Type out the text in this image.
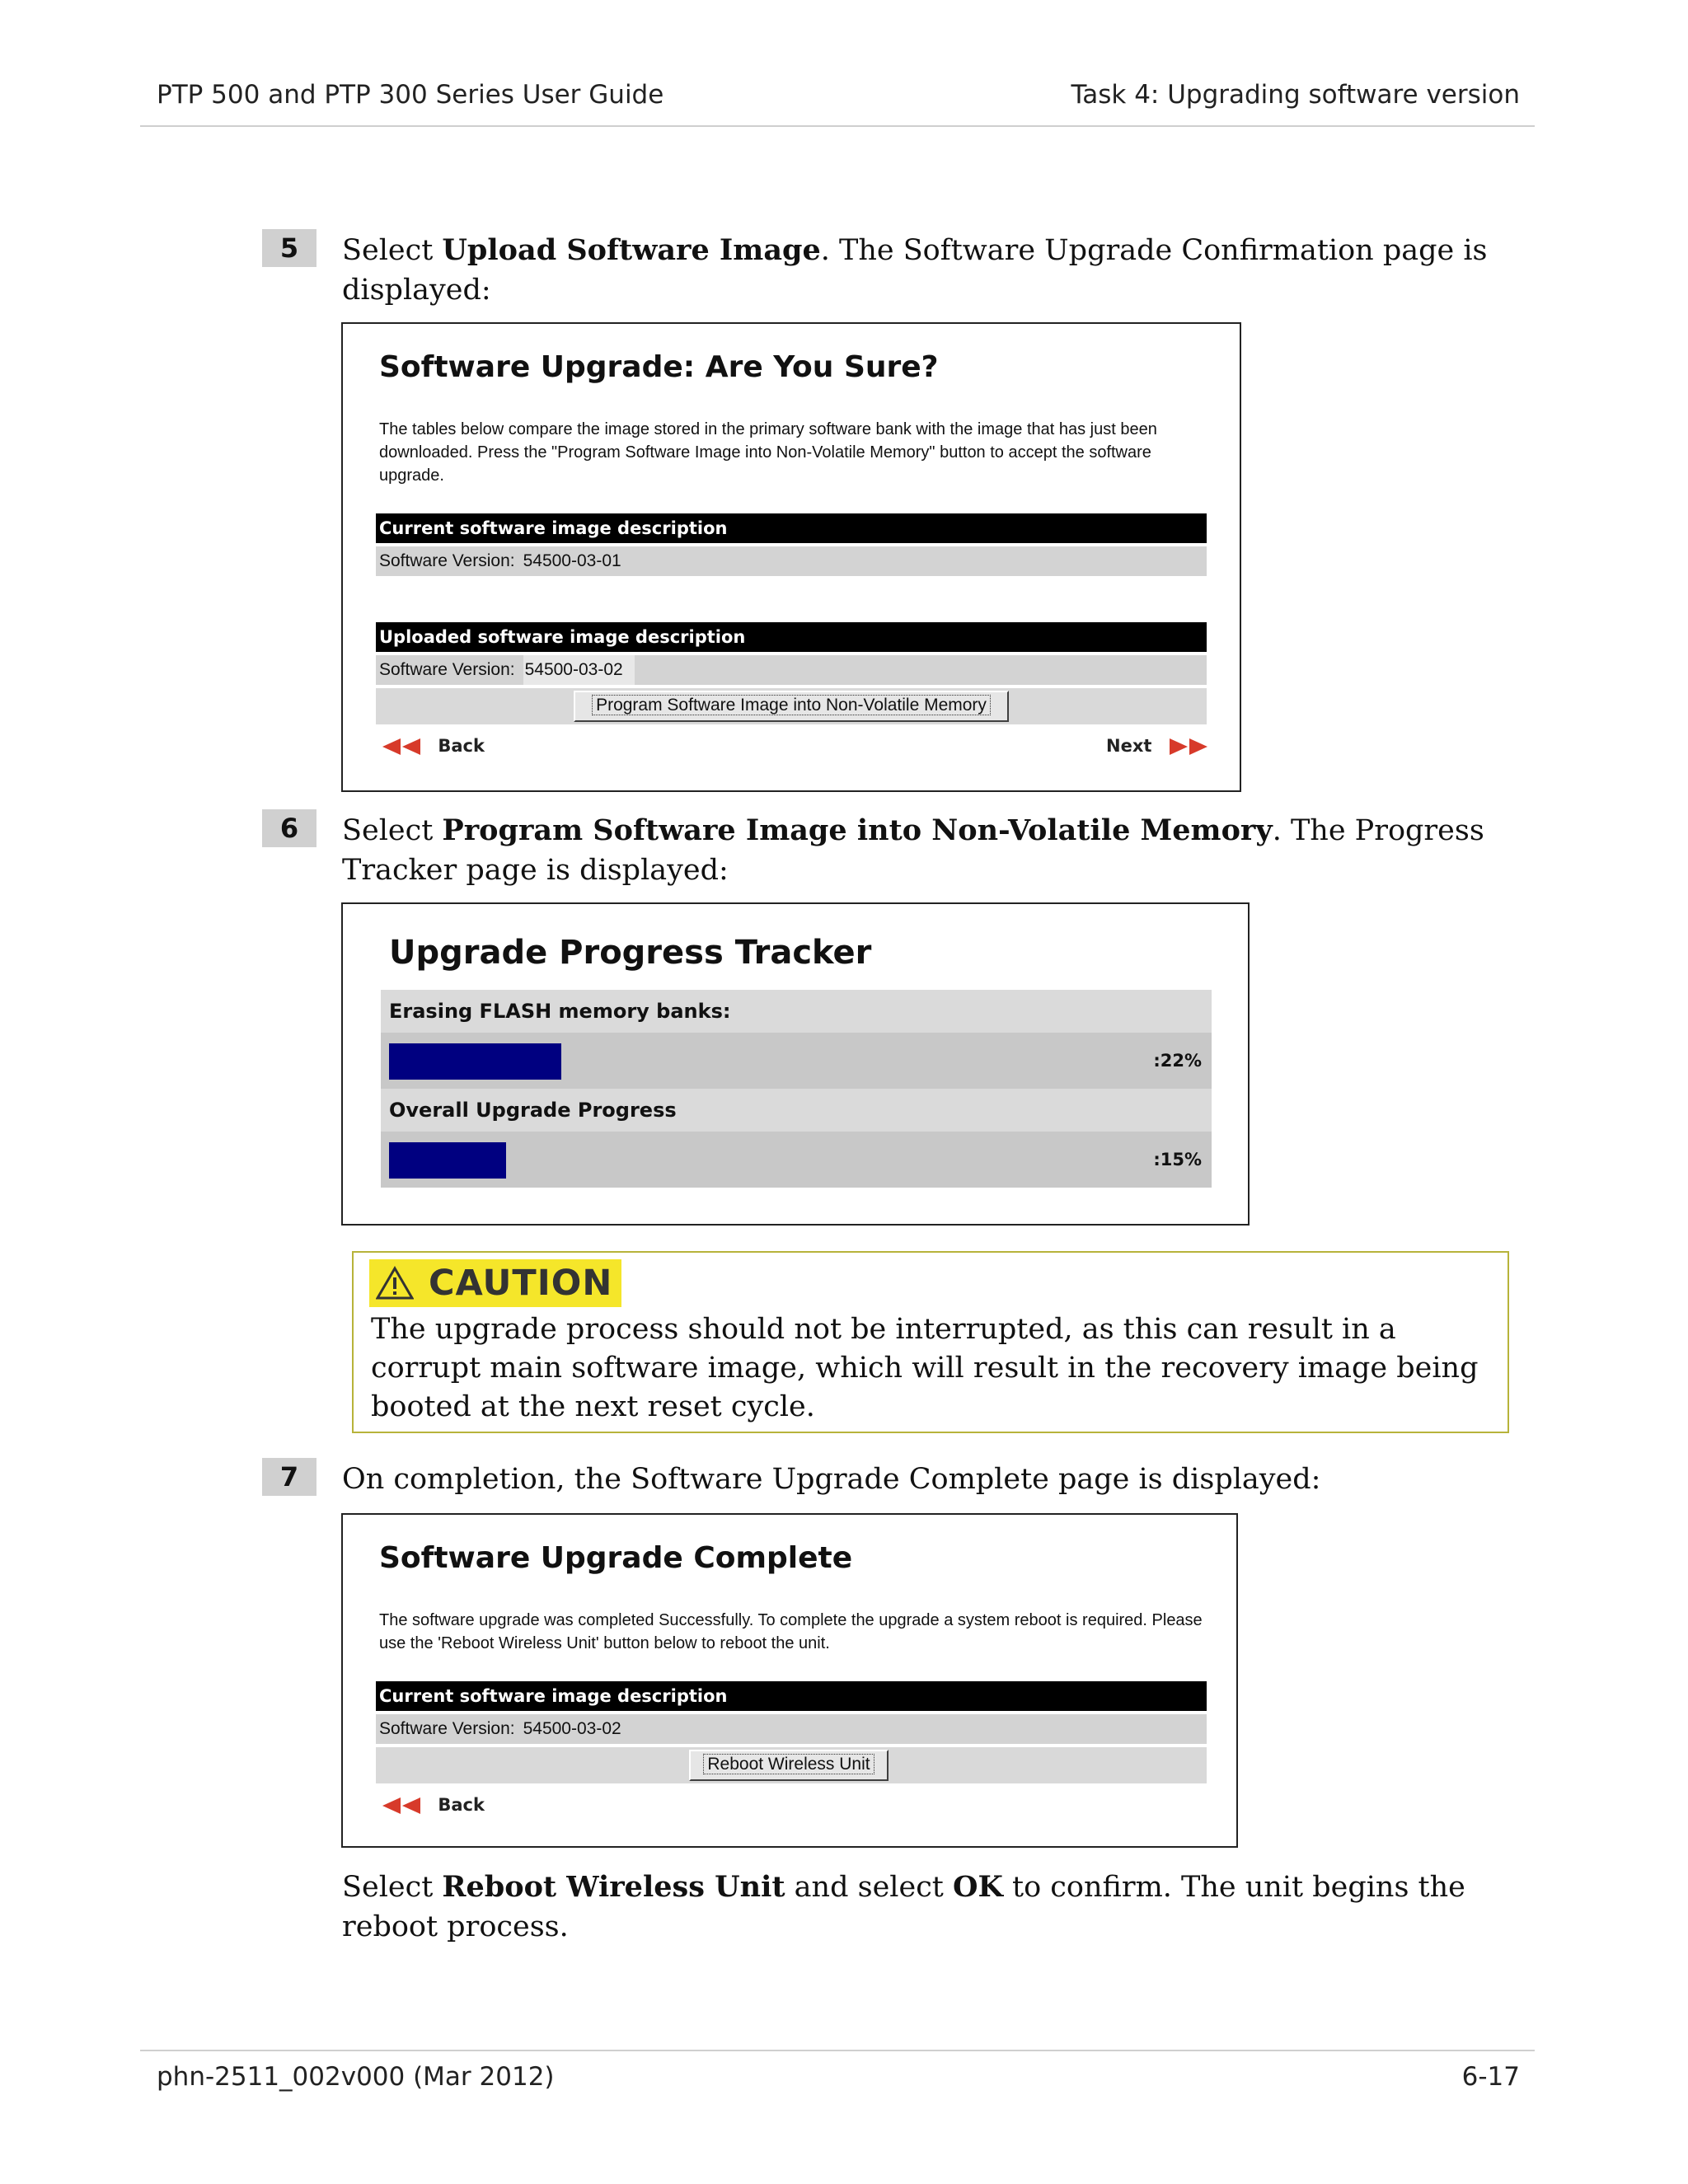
PTP 500 and PTP 300 Series User Guide	Task 4: Upgrading software version
5	Select Upload Software Image. The Software Upgrade Confirmation page is displayed:
Software Upgrade: Are You Sure?
The tables below compare the image stored in the primary software bank with the image that has just been downloaded. Press the "Program Software Image into Non-Volatile Memory" button to accept the software upgrade.
Current software image description
Software Version: 54500-03-01
Uploaded software image description
Software Version: 54500-03-02
Program Software Image into Non-Volatile Memory
Back	Next
6	Select Program Software Image into Non-Volatile Memory. The Progress Tracker page is displayed:
Upgrade Progress Tracker
Erasing FLASH memory banks:
:22%
Overall Upgrade Progress
:15%
CAUTION
The upgrade process should not be interrupted, as this can result in a corrupt main software image, which will result in the recovery image being booted at the next reset cycle.
7	On completion, the Software Upgrade Complete page is displayed:
Software Upgrade Complete
The software upgrade was completed Successfully. To complete the upgrade a system reboot is required. Please use the 'Reboot Wireless Unit' button below to reboot the unit.
Current software image description
Software Version: 54500-03-02
Reboot Wireless Unit
Back
Select Reboot Wireless Unit and select OK to confirm. The unit begins the reboot process.
phn-2511_002v000 (Mar 2012)	6-17
